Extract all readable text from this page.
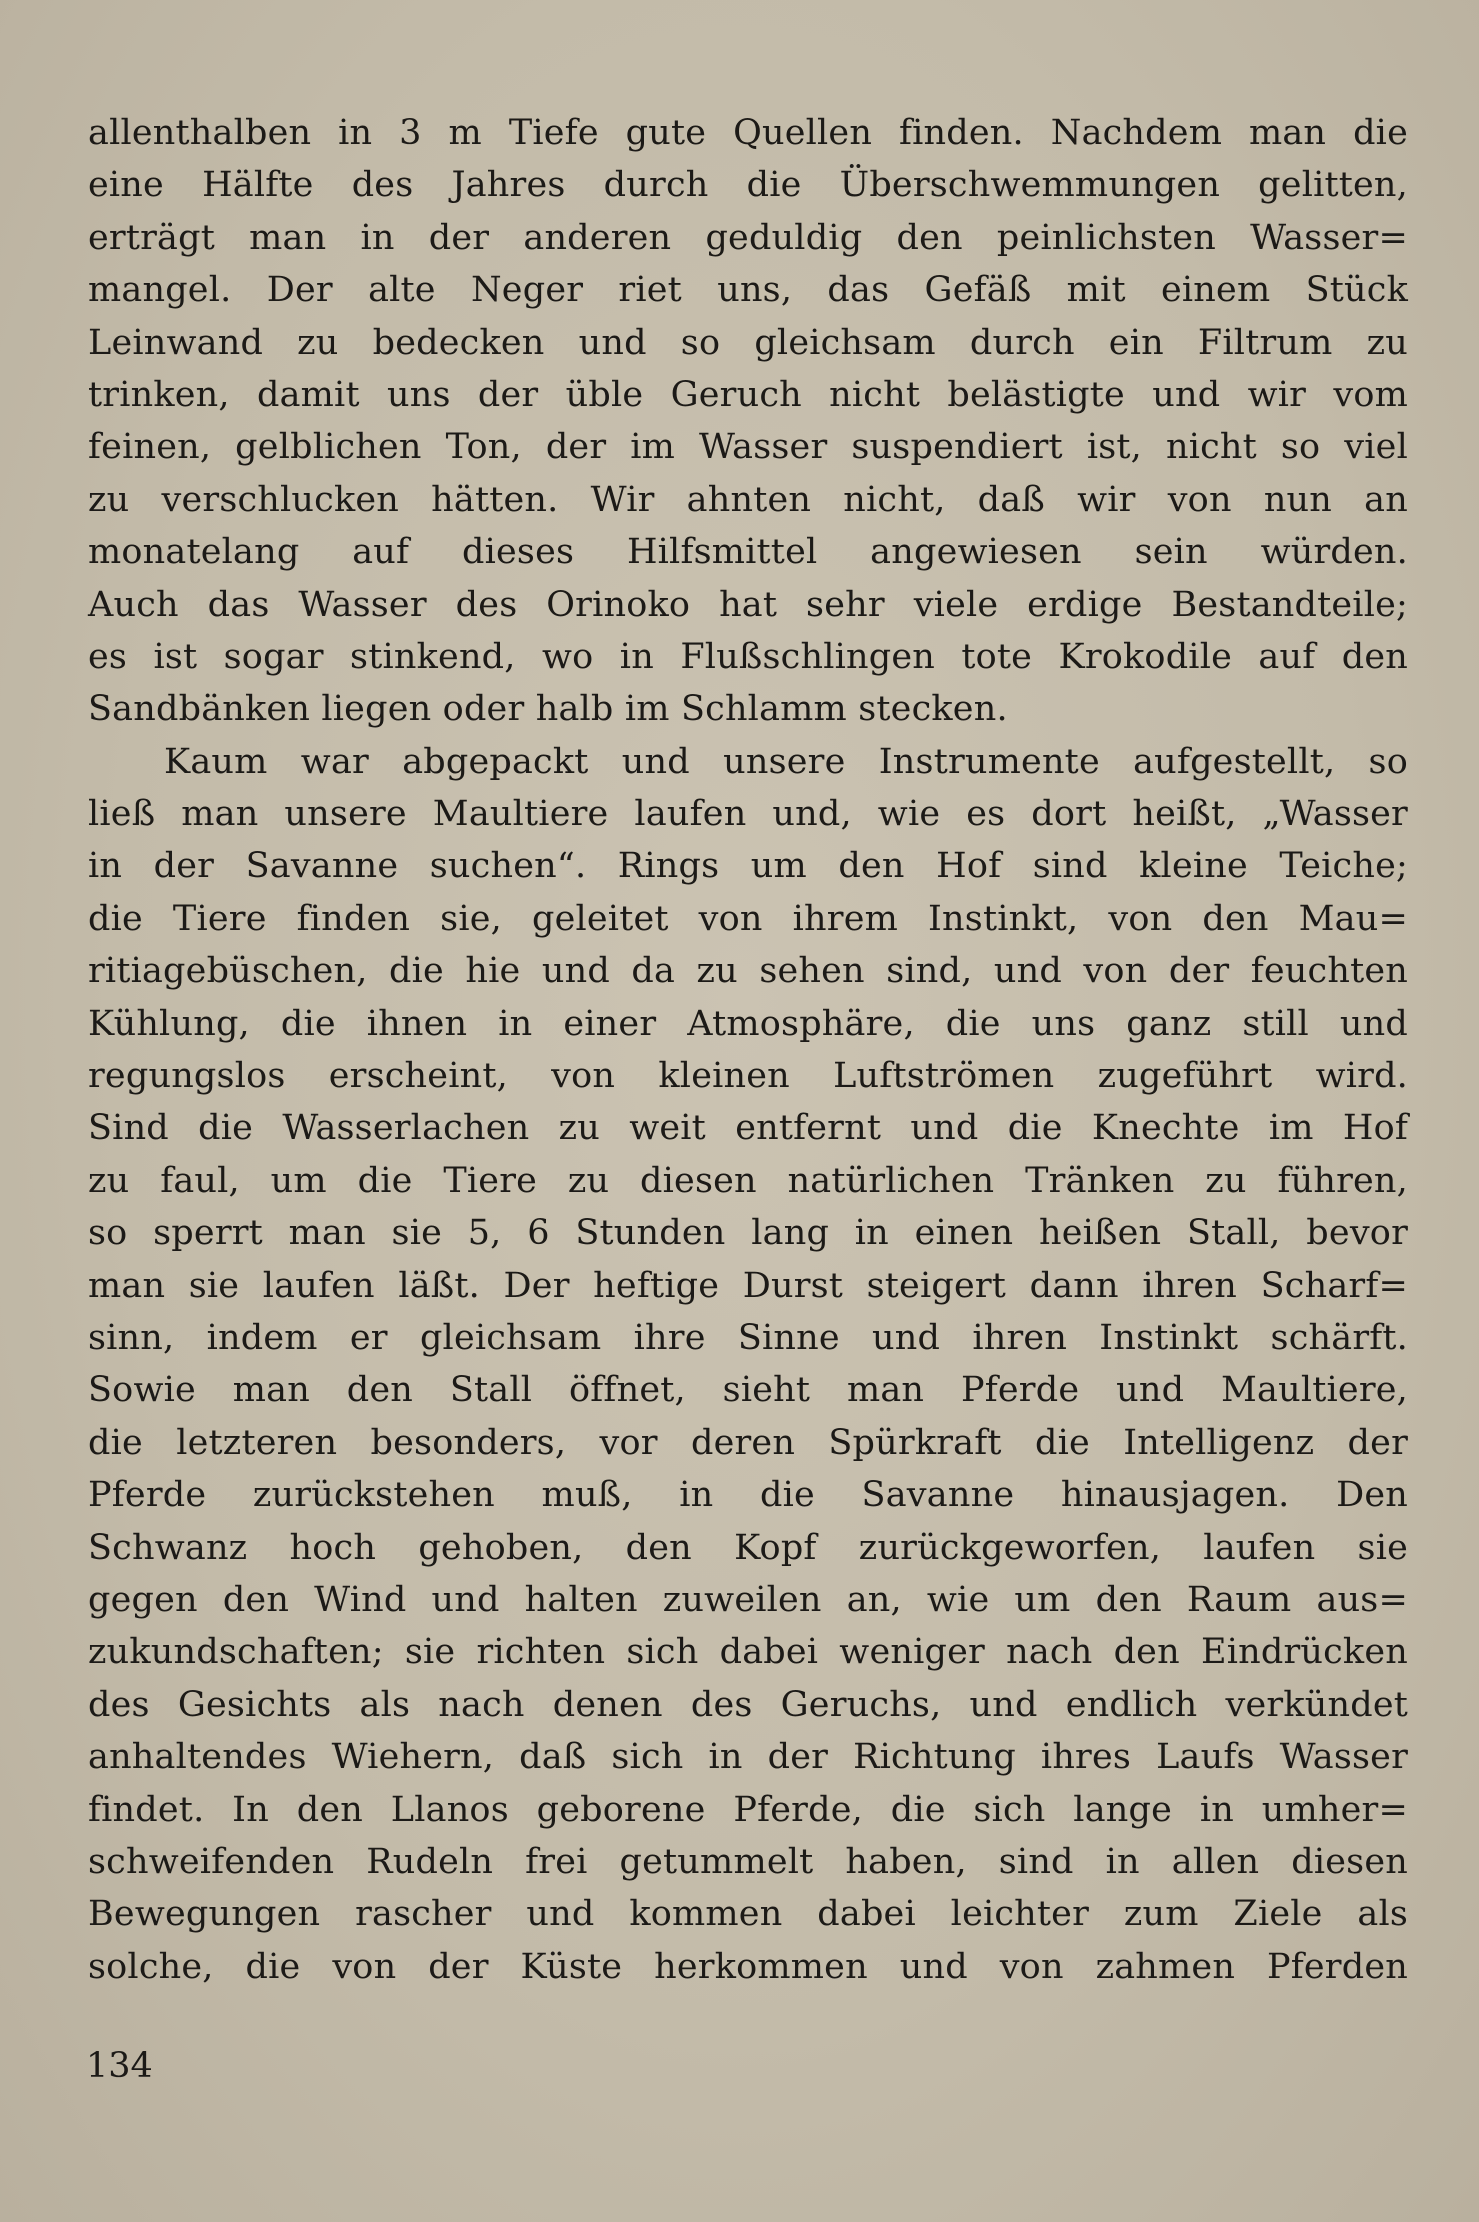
allenthalben in 3 m Tiefe gute Quellen finden. Nachdem man die
eine Hälfte des Jahres durch die Überschwemmungen gelitten,
erträgt man in der anderen geduldig den peinlichsten Wasser=
mangel. Der alte Neger riet uns, das Gefäß mit einem Stück
Leinwand zu bedecken und so gleichsam durch ein Filtrum zu
trinken, damit uns der üble Geruch nicht belästigte und wir vom
feinen, gelblichen Ton, der im Wasser suspendiert ist, nicht so viel
zu verschlucken hätten. Wir ahnten nicht, daß wir von nun an
monatelang auf dieses Hilfsmittel angewiesen sein würden.
Auch das Wasser des Orinoko hat sehr viele erdige Bestandteile;
es ist sogar stinkend, wo in Flußschlingen tote Krokodile auf den
Sandbänken liegen oder halb im Schlamm stecken.
Kaum war abgepackt und unsere Instrumente aufgestellt, so
ließ man unsere Maultiere laufen und, wie es dort heißt, „Wasser
in der Savanne suchen“. Rings um den Hof sind kleine Teiche;
die Tiere finden sie, geleitet von ihrem Instinkt, von den Mau=
ritiagebüschen, die hie und da zu sehen sind, und von der feuchten
Kühlung, die ihnen in einer Atmosphäre, die uns ganz still und
regungslos erscheint, von kleinen Luftströmen zugeführt wird.
Sind die Wasserlachen zu weit entfernt und die Knechte im Hof
zu faul, um die Tiere zu diesen natürlichen Tränken zu führen,
so sperrt man sie 5, 6 Stunden lang in einen heißen Stall, bevor
man sie laufen läßt. Der heftige Durst steigert dann ihren Scharf=
sinn, indem er gleichsam ihre Sinne und ihren Instinkt schärft.
Sowie man den Stall öffnet, sieht man Pferde und Maultiere,
die letzteren besonders, vor deren Spürkraft die Intelligenz der
Pferde zurückstehen muß, in die Savanne hinausjagen. Den
Schwanz hoch gehoben, den Kopf zurückgeworfen, laufen sie
gegen den Wind und halten zuweilen an, wie um den Raum aus=
zukundschaften; sie richten sich dabei weniger nach den Eindrücken
des Gesichts als nach denen des Geruchs, und endlich verkündet
anhaltendes Wiehern, daß sich in der Richtung ihres Laufs Wasser
findet. In den Llanos geborene Pferde, die sich lange in umher=
schweifenden Rudeln frei getummelt haben, sind in allen diesen
Bewegungen rascher und kommen dabei leichter zum Ziele als
solche, die von der Küste herkommen und von zahmen Pferden
134
